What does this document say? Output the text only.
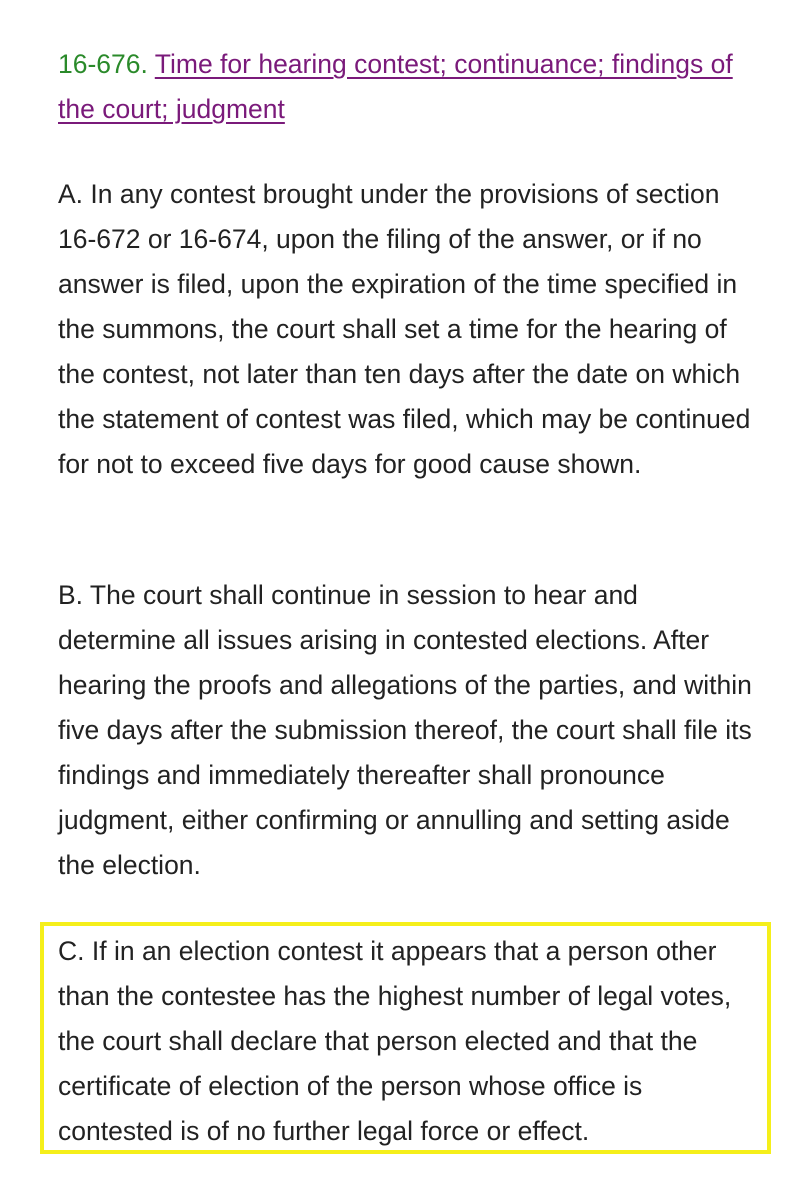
16-676. Time for hearing contest; continuance; findings of the court; judgment

A. In any contest brought under the provisions of section 16-672 or 16-674, upon the filing of the answer, or if no answer is filed, upon the expiration of the time specified in the summons, the court shall set a time for the hearing of the contest, not later than ten days after the date on which the statement of contest was filed, which may be continued for not to exceed five days for good cause shown.

B. The court shall continue in session to hear and determine all issues arising in contested elections. After hearing the proofs and allegations of the parties, and within five days after the submission thereof, the court shall file its findings and immediately thereafter shall pronounce judgment, either confirming or annulling and setting aside the election.

C. If in an election contest it appears that a person other than the contestee has the highest number of legal votes, the court shall declare that person elected and that the certificate of election of the person whose office is contested is of no further legal force or effect.
